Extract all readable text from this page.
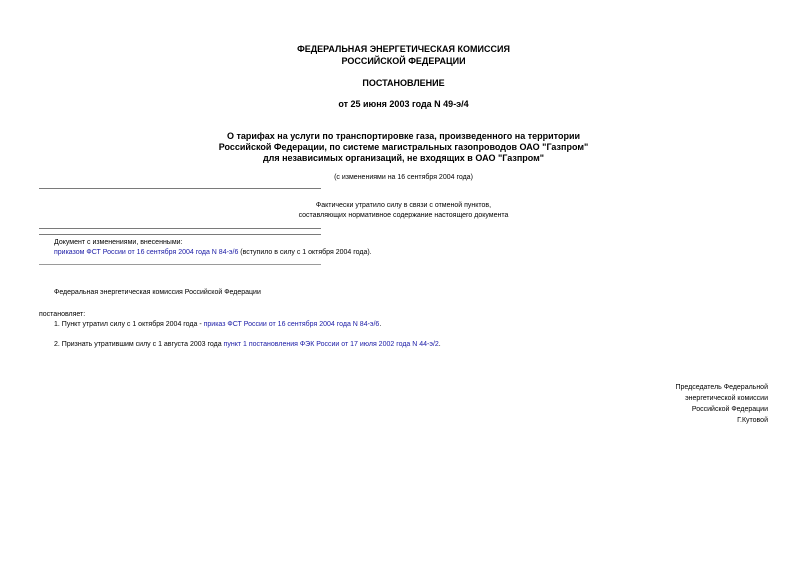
ФЕДЕРАЛЬНАЯ ЭНЕРГЕТИЧЕСКАЯ КОМИССИЯ
РОССИЙСКОЙ ФЕДЕРАЦИИ
ПОСТАНОВЛЕНИЕ
от 25 июня 2003 года N 49-э/4
О тарифах на услуги по транспортировке газа, произведенного на территории
Российской Федерации, по системе магистральных газопроводов ОАО "Газпром"
для независимых организаций, не входящих в ОАО "Газпром"
(с изменениями на 16 сентября 2004 года)
Фактически утратило силу в связи с отменой пунктов,
составляющих нормативное содержание настоящего документа
Документ с изменениями, внесенными:
приказом ФСТ России от 16 сентября 2004 года N 84-э/6 (вступило в силу с 1 октября 2004 года).
Федеральная энергетическая комиссия Российской Федерации
постановляет:
1. Пункт утратил силу с 1 октября 2004 года - приказ ФСТ России от 16 сентября 2004 года N 84-э/6.
2. Признать утратившим силу с 1 августа 2003 года пункт 1 постановления ФЭК России от 17 июля 2002 года N 44-э/2.
Председатель Федеральной
энергетической комиссии
Российской Федерации
Г.Кутовой
